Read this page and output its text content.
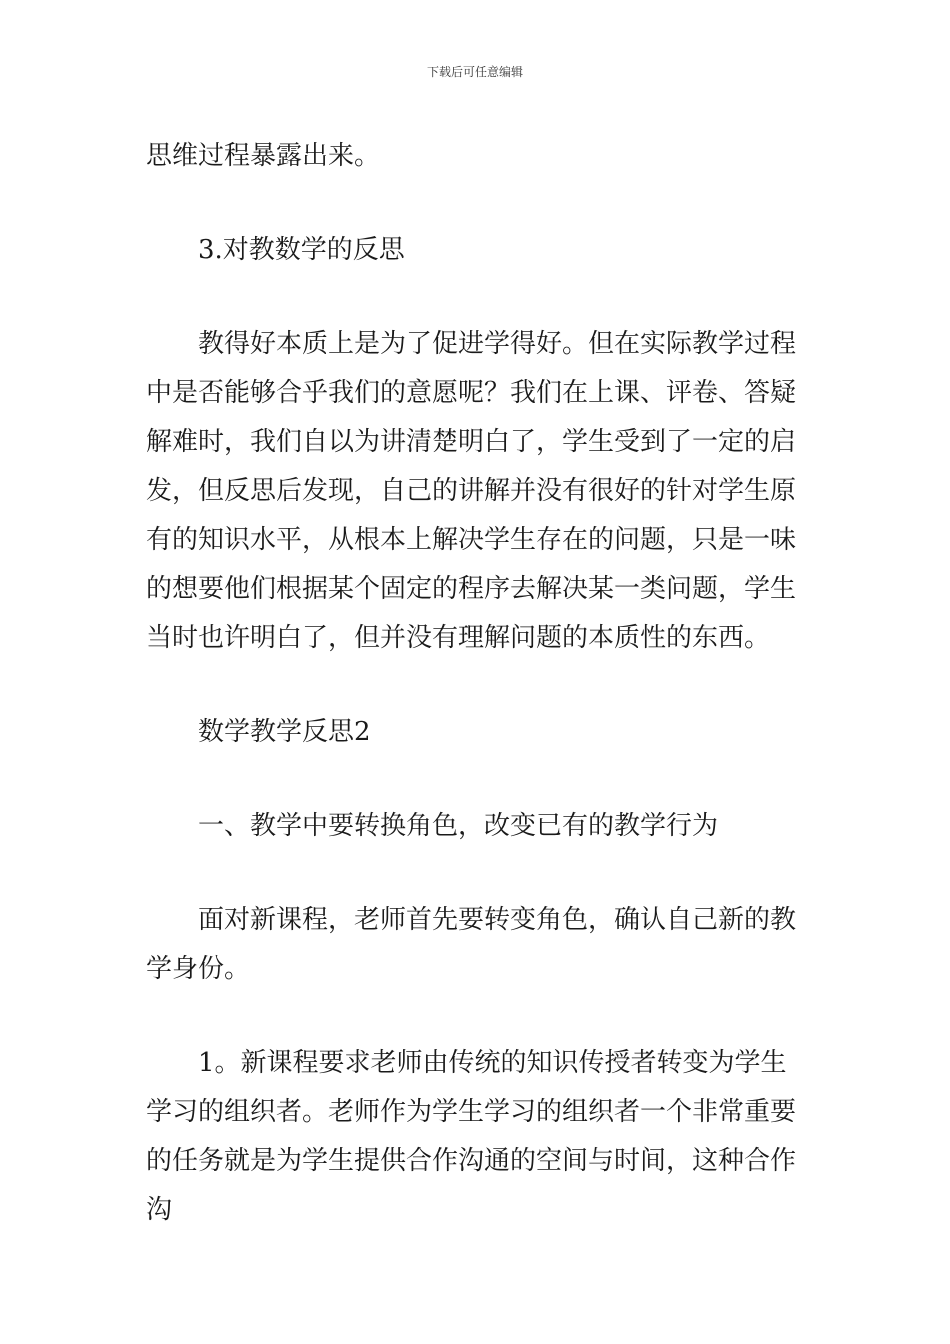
下载后可任意编辑

思维过程暴露出来。

3.对教数学的反思

教得好本质上是为了促进学得好。但在实际教学过程中是否能够合乎我们的意愿呢？我们在上课、评卷、答疑解难时，我们自以为讲清楚明白了，学生受到了一定的启发，但反思后发现，自己的讲解并没有很好的针对学生原有的知识水平，从根本上解决学生存在的问题，只是一味的想要他们根据某个固定的程序去解决某一类问题，学生当时也许明白了，但并没有理解问题的本质性的东西。

数学教学反思2

一、教学中要转换角色，改变已有的教学行为

面对新课程，老师首先要转变角色，确认自己新的教学身份。

1。新课程要求老师由传统的知识传授者转变为学生学习的组织者。老师作为学生学习的组织者一个非常重要的任务就是为学生提供合作沟通的空间与时间，这种合作沟
